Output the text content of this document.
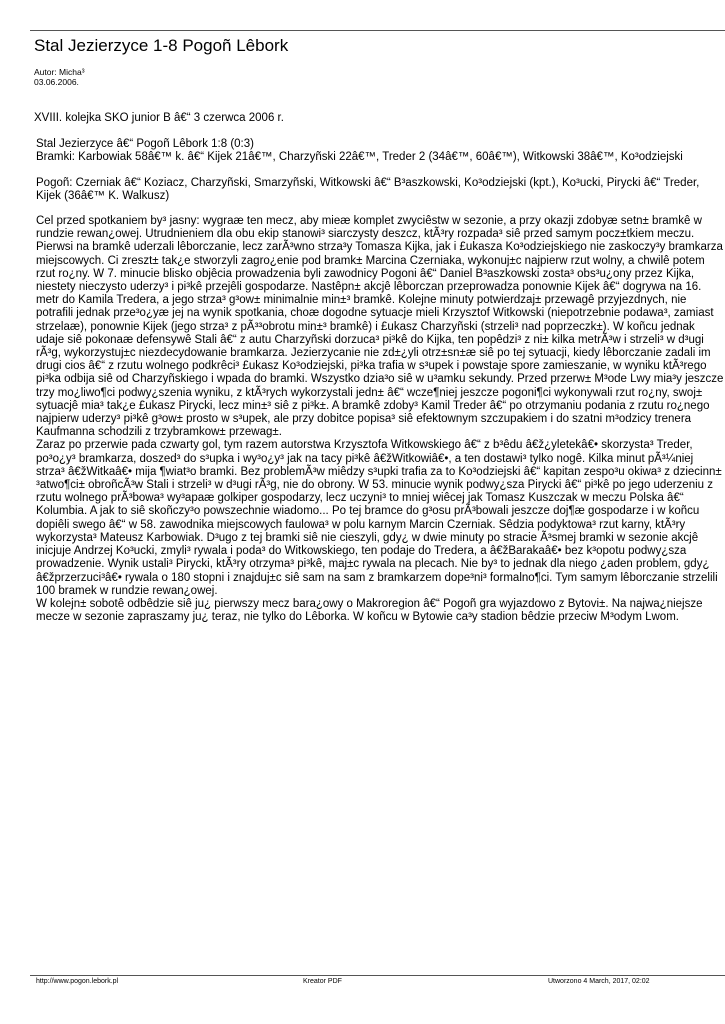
Stal Jezierzyce 1-8 Pogoñ Lêbork
Autor: Micha³
03.06.2006.

XVIII. kolejka SKO junior B â€“ 3 czerwca 2006 r.

Stal Jezierzyce â€“ Pogoñ Lêbork 1:8 (0:3)

Bramki: Karbowiak 58â€™ k. â€“ Kijek 21â€™, Charzyñski 22â€™, Treder 2 (34â€™, 60â€™), Witkowski 38â€™, Ko³odziejski

Pogoñ: Czerniak â€“ Koziacz, Charzyñski, Smarzyñski, Witkowski â€“ B³aszkowski, Ko³odziejski (kpt.), Ko³ucki, Pirycki â€“ Treder, Kijek (36â€™ K. Walkusz)

Cel przed spotkaniem by³ jasny: wygraæ ten mecz, aby mieæ komplet zwyciêstw w sezonie, a przy okazji zdobyæ setn± bramkê w rundzie rewan¿owej. Utrudnieniem dla obu ekip stanowi³ siarczysty deszcz, ktÃ³ry rozpada³ siê przed samym pocz±tkiem meczu.

Pierwsi na bramkê uderzali lêborczanie, lecz zarÃ³wno strza³y Tomasza Kijka, jak i £ukasza Ko³odziejskiego nie zaskoczy³y bramkarza miejscowych. Ci zreszt± tak¿e stworzyli zagro¿enie pod bramk± Marcina Czerniaka, wykonuj±c najpierw rzut wolny, a chwilê potem rzut ro¿ny. W 7. minucie blisko objêcia prowadzenia byli zawodnicy Pogoni â€“ Daniel B³aszkowski zosta³ obs³u¿ony przez Kijka, niestety nieczysto uderzy³ i pi³kê przejêli gospodarze. Nastêpn± akcjê lêborczan przeprowadza ponownie Kijek â€“ dogrywa na 16. metr do Kamila Tredera, a jego strza³ g³ow± minimalnie min±³ bramkê. Kolejne minuty potwierdzaj± przewagê przyjezdnych, nie potrafili jednak prze³o¿yæ jej na wynik spotkania, choæ dogodne sytuacje mieli Krzysztof Witkowski (niepotrzebnie podawa³, zamiast strzelaæ), ponownie Kijek (jego strza³ z pÃ³³obrotu min±³ bramkê) i £ukasz Charzyñski (strzeli³ nad poprzeczk±). W koñcu jednak udaje siê pokonaæ defensywê Stali â€“ z autu Charzyñski dorzuca³ pi³kê do Kijka, ten popêdzi³ z ni± kilka metrÃ³w i strzeli³ w d³ugi rÃ³g, wykorzystuj±c niezdecydowanie bramkarza. Jezierzycanie nie zd±¿yli otrz±sn±æ siê po tej sytuacji, kiedy lêborczanie zadali im drugi cios â€“ z rzutu wolnego podkrêci³ £ukasz Ko³odziejski, pi³ka trafia w s³upek i powstaje spore zamieszanie, w wyniku ktÃ³rego pi³ka odbija siê od Charzyñskiego i wpada do bramki. Wszystko dzia³o siê w u³amku sekundy. Przed przerw± M³ode Lwy mia³y jeszcze trzy mo¿liwo¶ci podwy¿szenia wyniku, z ktÃ³rych wykorzystali jedn± â€“ wcze¶niej jeszcze pogoni¶ci wykonywali rzut ro¿ny, swoj± sytuacjê mia³ tak¿e £ukasz Pirycki, lecz min±³ siê z pi³k±. A bramkê zdoby³ Kamil Treder â€“ po otrzymaniu podania z rzutu ro¿nego najpierw uderzy³ pi³kê g³ow± prosto w s³upek, ale przy dobitce popisa³ siê efektownym szczupakiem i do szatni m³odzicy trenera Kaufmanna schodzili z trzybramkow± przewag±.

Zaraz po przerwie pada czwarty gol, tym razem autorstwa Krzysztofa Witkowskiego â€“ z b³êdu â€ž¿yletekâ€• skorzysta³ Treder, po³o¿y³ bramkarza, doszed³ do s³upka i wy³o¿y³ jak na tacy pi³kê â€žWitkowiâ€•, a ten dostawi³ tylko nogê. Kilka minut pÃ³¼niej strza³ â€žWitkaâ€• mija ¶wiat³o bramki. Bez problemÃ³w miêdzy s³upki trafia za to Ko³odziejski â€“ kapitan zespo³u okiwa³ z dziecinn± ³atwo¶ci± obroñcÃ³w Stali i strzeli³ w d³ugi rÃ³g, nie do obrony. W 53. minucie wynik podwy¿sza Pirycki â€“ pi³kê po jego uderzeniu z rzutu wolnego prÃ³bowa³ wy³apaæ golkiper gospodarzy, lecz uczyni³ to mniej wiêcej jak Tomasz Kuszczak w meczu Polska â€“ Kolumbia. A jak to siê skoñczy³o powszechnie wiadomo... Po tej bramce do g³osu prÃ³bowali jeszcze doj¶æ gospodarze i w koñcu dopiêli swego â€“ w 58. zawodnika miejscowych faulowa³ w polu karnym Marcin Czerniak. Sêdzia podyktowa³ rzut karny, ktÃ³ry wykorzysta³ Mateusz Karbowiak. D³ugo z tej bramki siê nie cieszyli, gdy¿ w dwie minuty po stracie Ã³smej bramki w sezonie akcjê inicjuje Andrzej Ko³ucki, zmyli³ rywala i poda³ do Witkowskiego, ten podaje do Tredera, a â€žBarakaâ€• bez k³opotu podwy¿sza prowadzenie. Wynik ustali³ Pirycki, ktÃ³ry otrzyma³ pi³kê, maj±c rywala na plecach. Nie by³ to jednak dla niego ¿aden problem, gdy¿ â€žprzerzuci³â€• rywala o 180 stopni i znajduj±c siê sam na sam z bramkarzem dope³ni³ formalno¶ci. Tym samym lêborczanie strzelili 100 bramek w rundzie rewan¿owej.

W kolejn± sobotê odbêdzie siê ju¿ pierwszy mecz bara¿owy o Makroregion â€“ Pogoñ gra wyjazdowo z Bytovi±. Na najwa¿niejsze mecze w sezonie zapraszamy ju¿ teraz, nie tylko do Lêborka. W koñcu w Bytowie ca³y stadion bêdzie przeciw M³odym Lwom.

http://www.pogon.lebork.pl	Kreator PDF	Utworzono 4 March, 2017, 02:02
